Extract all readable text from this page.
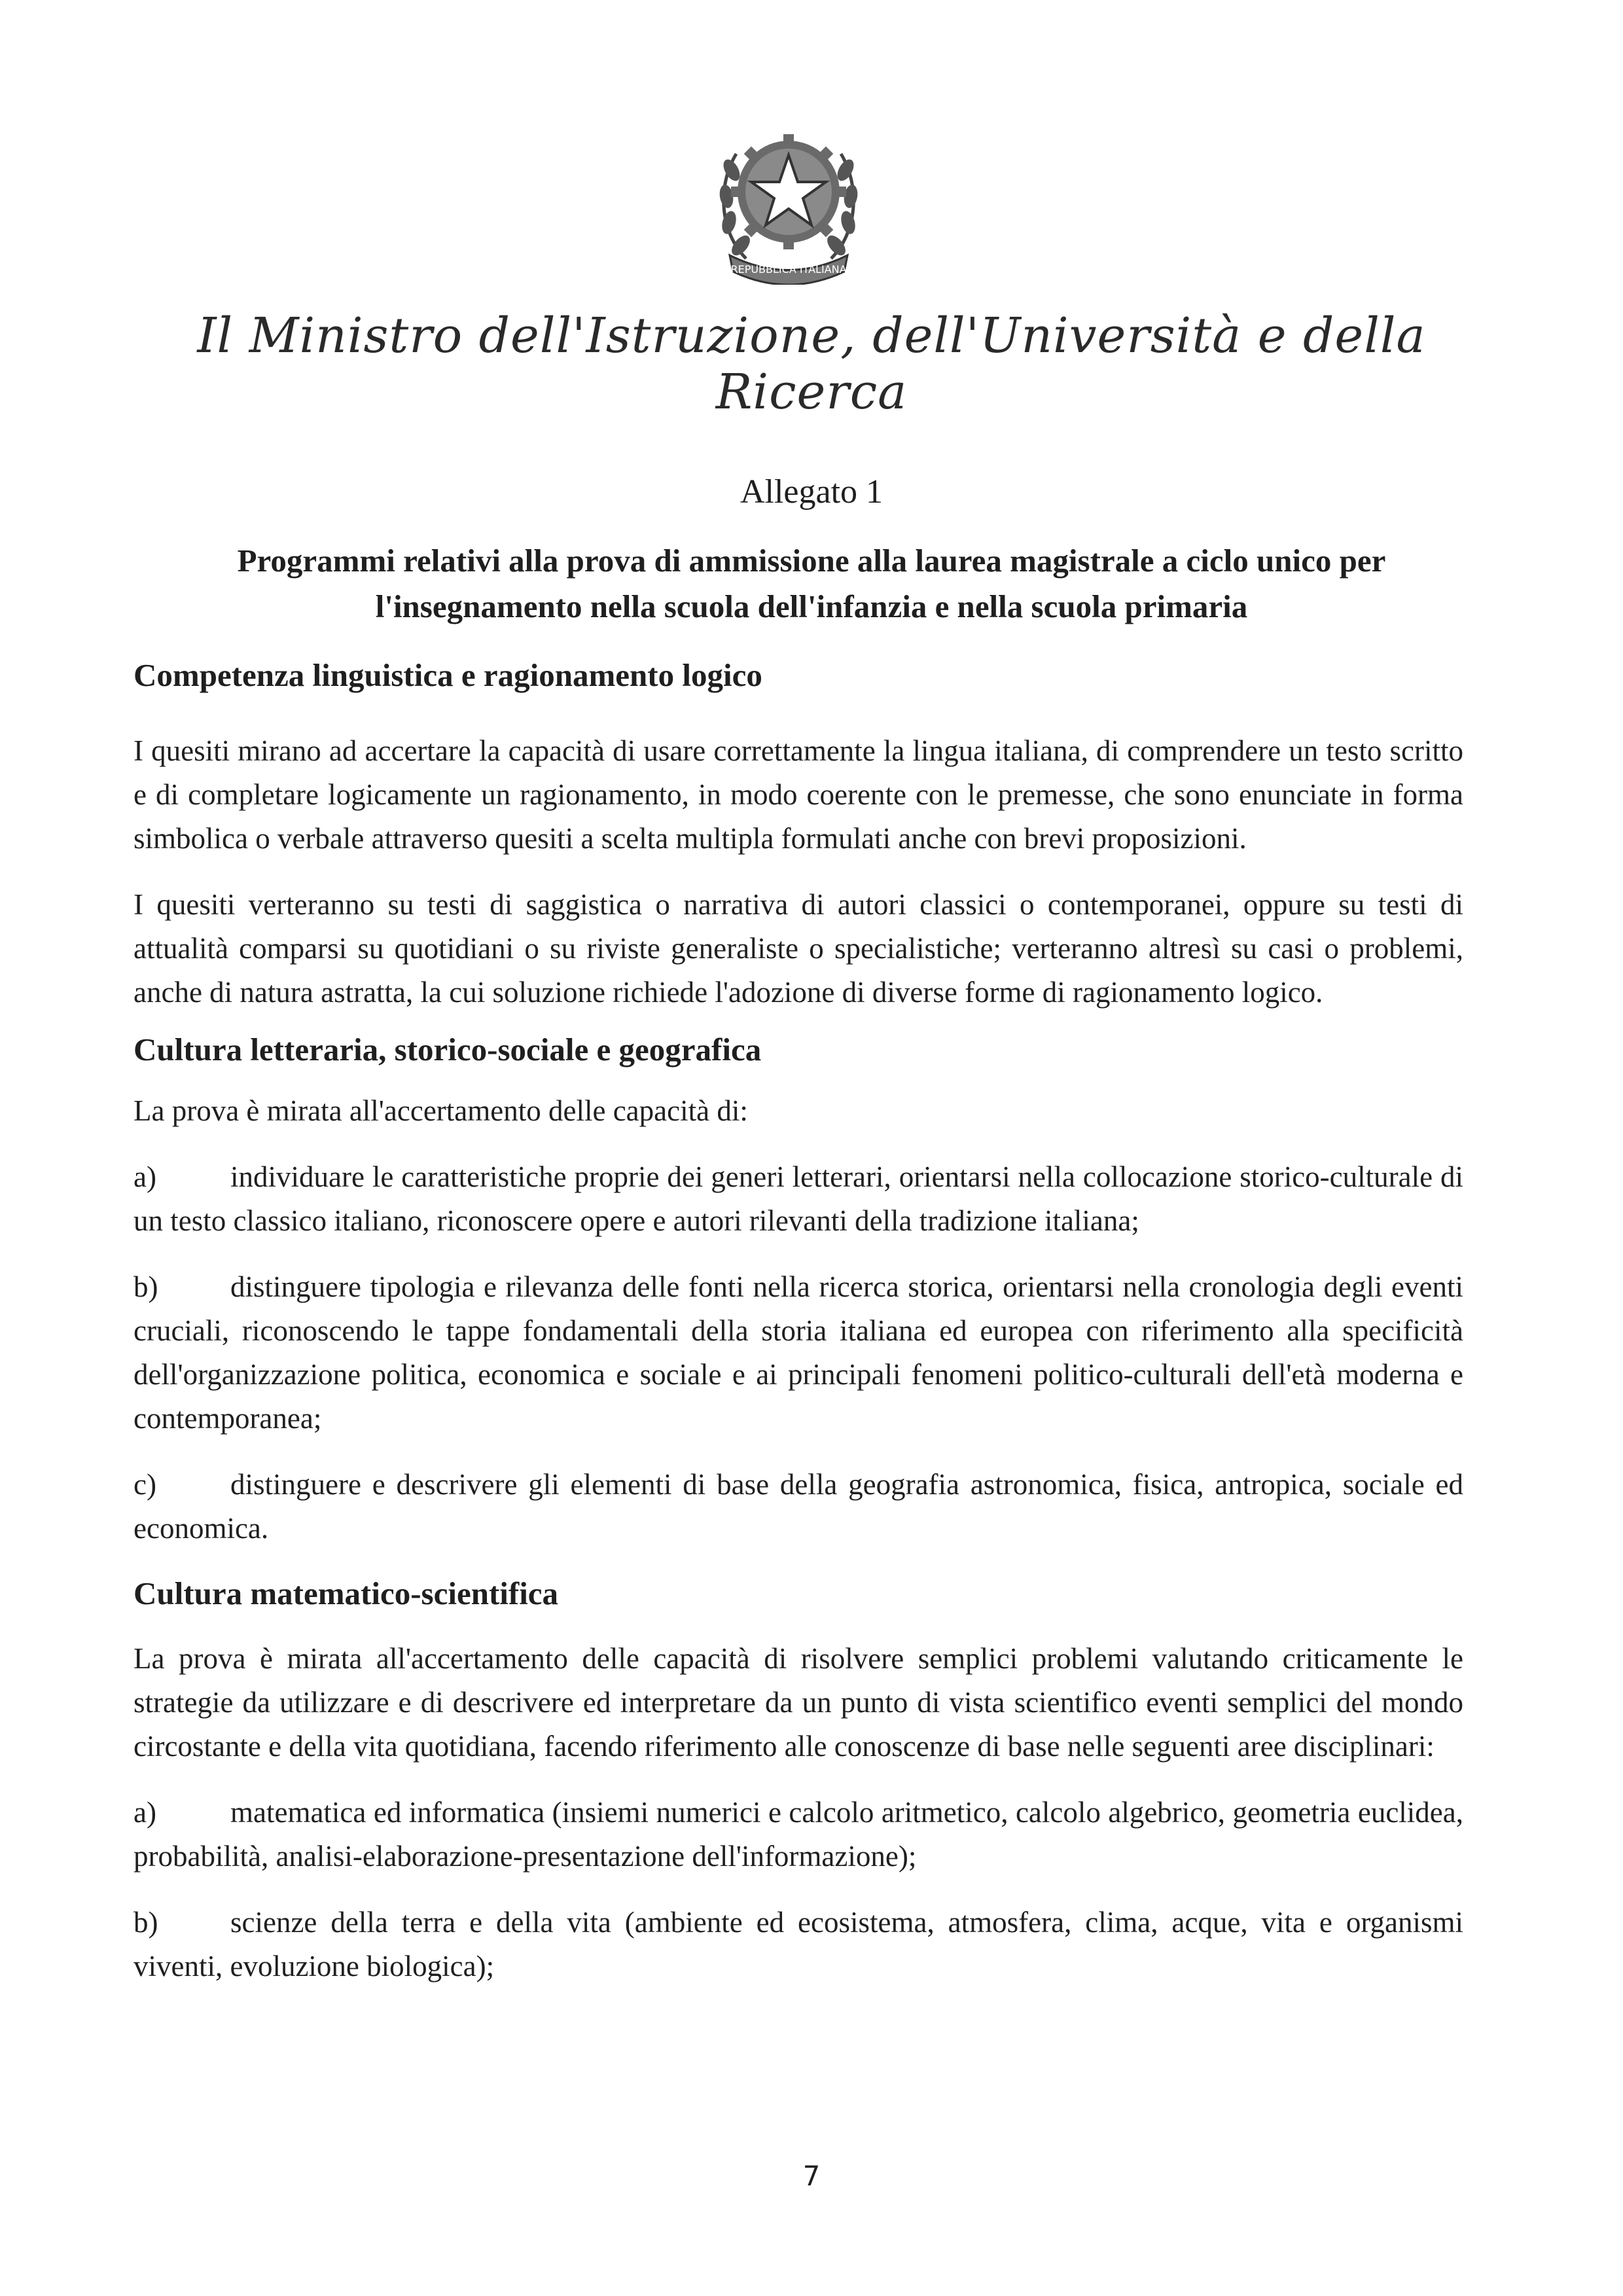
REPUBBLICA ITALIANA
Il Ministro dell'Istruzione, dell'Università e della Ricerca
Allegato 1
Programmi relativi alla prova di ammissione alla laurea magistrale a ciclo unico per l'insegnamento nella scuola dell'infanzia e nella scuola primaria
Competenza linguistica e ragionamento logico

I quesiti mirano ad accertare la capacità di usare correttamente la lingua italiana, di comprendere un testo scritto e di completare logicamente un ragionamento, in modo coerente con le premesse, che sono enunciate in forma simbolica o verbale attraverso quesiti a scelta multipla formulati anche con brevi proposizioni.

I quesiti verteranno su testi di saggistica o narrativa di autori classici o contemporanei, oppure su testi di attualità comparsi su quotidiani o su riviste generaliste o specialistiche; verteranno altresì su casi o problemi, anche di natura astratta, la cui soluzione richiede l'adozione di diverse forme di ragionamento logico.

Cultura letteraria, storico-sociale e geografica

La prova è mirata all'accertamento delle capacità di:

a)	individuare le caratteristiche proprie dei generi letterari, orientarsi nella collocazione storico-culturale di un testo classico italiano, riconoscere opere e autori rilevanti della tradizione italiana;

b) distinguere tipologia e rilevanza delle fonti nella ricerca storica, orientarsi nella cronologia degli eventi cruciali, riconoscendo le tappe fondamentali della storia italiana ed europea con riferimento alla specificità dell'organizzazione politica, economica e sociale e ai principali fenomeni politico-culturali dell'età moderna e contemporanea;

c)	distinguere e descrivere gli elementi di base della geografia astronomica, fisica, antropica, sociale ed economica.

Cultura matematico-scientifica

La prova è mirata all'accertamento delle capacità di risolvere semplici problemi valutando criticamente le strategie da utilizzare e di descrivere ed interpretare da un punto di vista scientifico eventi semplici del mondo circostante e della vita quotidiana, facendo riferimento alle conoscenze di base nelle seguenti aree disciplinari:

a)	matematica ed informatica (insiemi numerici e calcolo aritmetico, calcolo algebrico, geometria euclidea, probabilità, analisi-elaborazione-presentazione dell'informazione);

b) scienze della terra e della vita (ambiente ed ecosistema, atmosfera, clima, acque, vita e organismi viventi, evoluzione biologica);

7
